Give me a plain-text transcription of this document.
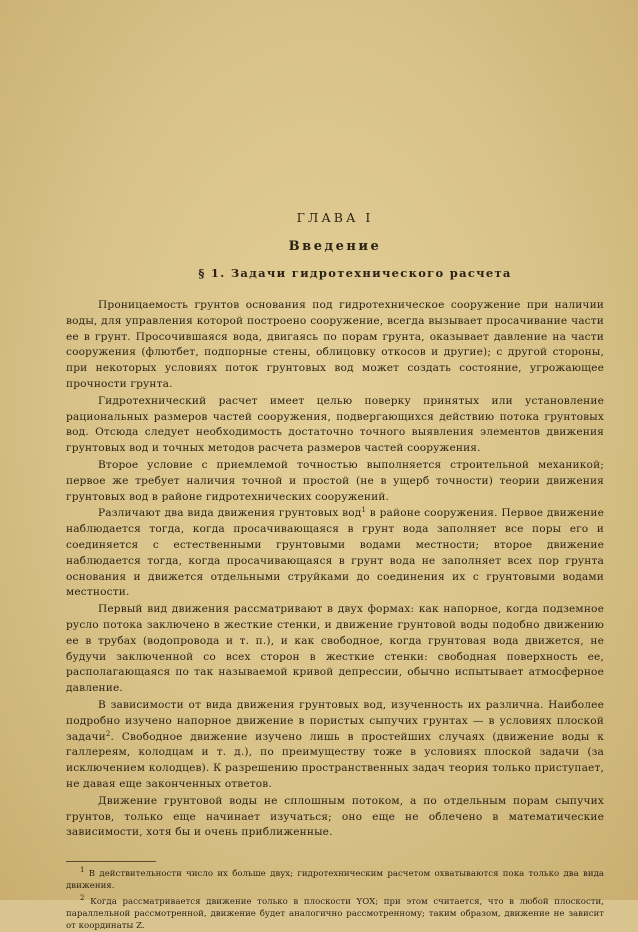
ГЛАВА I

Введение

§ 1. Задачи гидротехнического расчета

Проницаемость грунтов основания под гидротехническое сооружение при наличии воды, для управления которой построено сооружение, всегда вызывает просачивание части ее в грунт. Просочившаяся вода, двигаясь по порам грунта, оказывает давление на части сооружения (флютбет, подпорные стены, облицовку откосов и другие); с другой стороны, при некоторых условиях поток грунтовых вод может создать состояние, угрожающее прочности грунта.

Гидротехнический расчет имеет целью поверку принятых или установление рациональных размеров частей сооружения, подвергающихся действию потока грунтовых вод. Отсюда следует необходимость достаточно точного выявления элементов движения грунтовых вод и точных методов расчета размеров частей сооружения.

Второе условие с приемлемой точностью выполняется строительной механикой; первое же требует наличия точной и простой (не в ущерб точности) теории движения грунтовых вод в районе гидротехнических сооружений.

Различают два вида движения грунтовых вод$^1$ в районе сооружения. Первое движение наблюдается тогда, когда просачивающаяся в грунт вода заполняет все поры его и соединяется с естественными грунтовыми водами местности; второе движение наблюдается тогда, когда просачивающаяся в грунт вода не заполняет всех пор грунта основания и движется отдельными струйками до соединения их с грунтовыми водами местности.

Первый вид движения рассматривают в двух формах: как напорное, когда подземное русло потока заключено в жесткие стенки, и движение грунтовой воды подобно движению ее в трубах (водопровода и т. п.), и как свободное, когда грунтовая вода движется, не будучи заключенной со всех сторон в жесткие стенки: свободная поверхность ее, располагающаяся по так называемой кривой депрессии, обычно испытывает атмосферное давление.

В зависимости от вида движения грунтовых вод, изученность их различна. Наиболее подробно изучено напорное движение в пористых сыпучих грунтах — в условиях плоской задачи$^2$. Свободное движение изучено лишь в простейших случаях (движение воды к галлереям, колодцам и т. д.), по преимуществу тоже в условиях плоской задачи (за исключением колодцев). К разрешению пространственных задач теория только приступает, не давая еще законченных ответов.

Движение грунтовой воды не сплошным потоком, а по отдельным порам сыпучих грунтов, только еще начинает изучаться; оно еще не облечено в математические зависимости, хотя бы и очень приближенные.

$^1$ В действительности число их больше двух; гидротехническим расчетом охватываются пока только два вида движения.

$^2$ Когда рассматривается движение только в плоскости YOX; при этом считается, что в любой плоскости, параллельной рассмотренной, движение будет аналогично рассмотренному; таким образом, движение не зависит от координаты Z.
